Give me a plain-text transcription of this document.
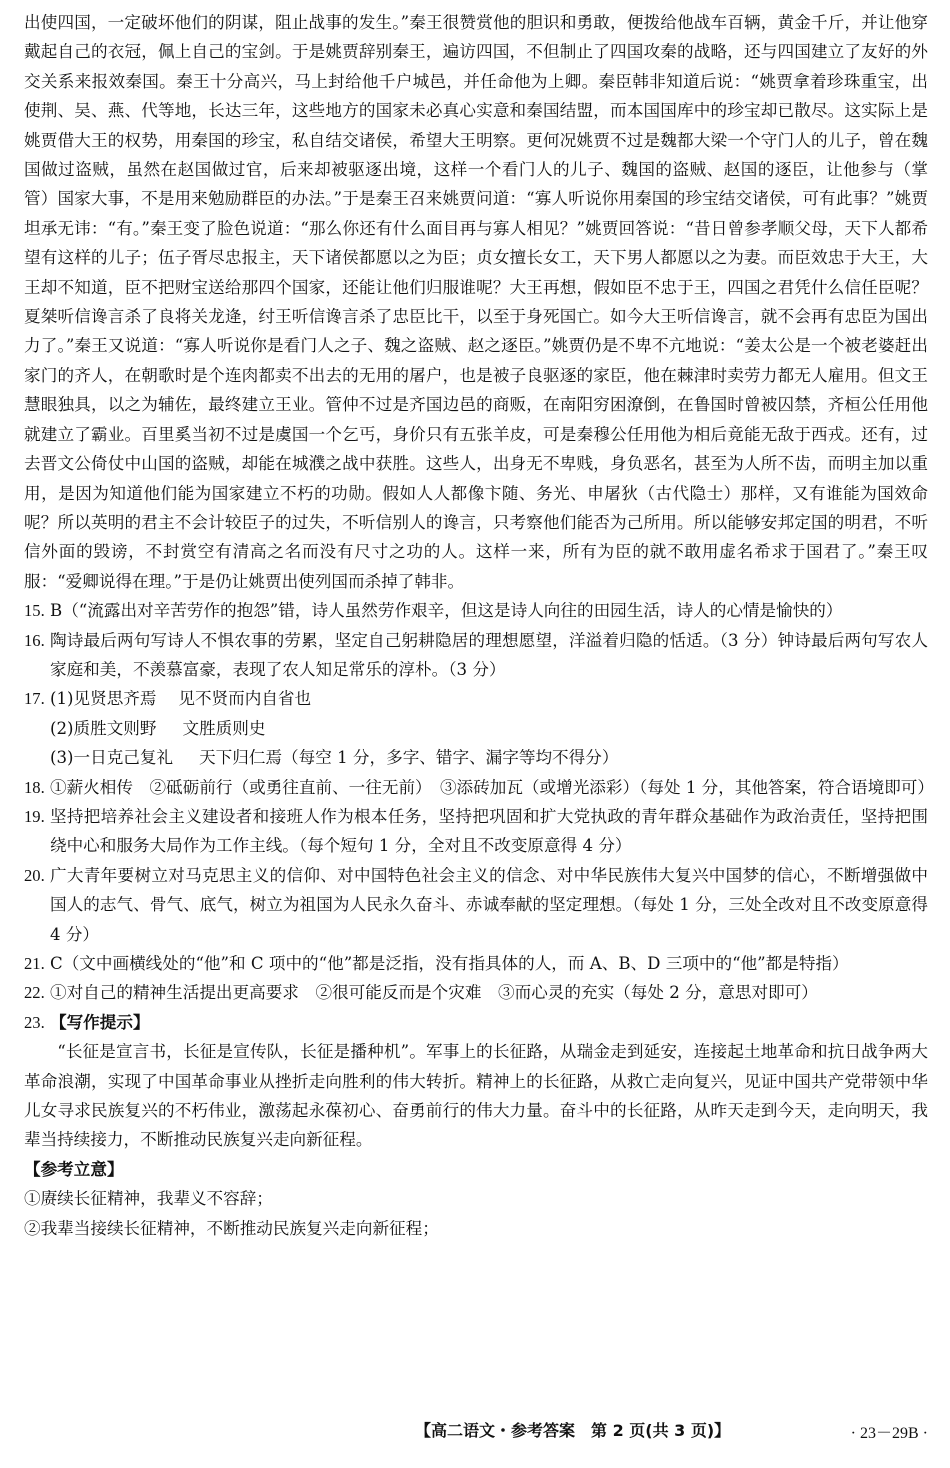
出使四国，一定破坏他们的阴谋，阻止战事的发生。”秦王很赞赏他的胆识和勇敢，便拨给他战车百辆，黄金千斤，并让他穿戴起自己的衣冠，佩上自己的宝剑。于是姚贾辞别秦王，遍访四国，不但制止了四国攻秦的战略，还与四国建立了友好的外交关系来报效秦国。秦王十分高兴，马上封给他千户城邑，并任命他为上卿。秦臣韩非知道后说：“姚贾拿着珍珠重宝，出使荆、吴、燕、代等地，长达三年，这些地方的国家未必真心实意和秦国结盟，而本国国库中的珍宝却已散尽。这实际上是姚贾借大王的权势，用秦国的珍宝，私自结交诸侯，希望大王明察。更何况姚贾不过是魏都大梁一个守门人的儿子，曾在魏国做过盗贼，虽然在赵国做过官，后来却被驱逐出境，这样一个看门人的儿子、魏国的盗贼、赵国的逐臣，让他参与（掌管）国家大事，不是用来勉励群臣的办法。”于是秦王召来姚贾问道：“寡人听说你用秦国的珍宝结交诸侯，可有此事？”姚贾坦承无讳：“有。”秦王变了脸色说道：“那么你还有什么面目再与寡人相见？”姚贾回答说：“昔日曾参孝顺父母，天下人都希望有这样的儿子；伍子胥尽忠报主，天下诸侯都愿以之为臣；贞女擅长女工，天下男人都愿以之为妻。而臣效忠于大王，大王却不知道，臣不把财宝送给那四个国家，还能让他们归服谁呢？大王再想，假如臣不忠于王，四国之君凭什么信任臣呢？夏桀听信谗言杀了良将关龙逄，纣王听信谗言杀了忠臣比干，以至于身死国亡。如今大王听信谗言，就不会再有忠臣为国出力了。”秦王又说道：“寡人听说你是看门人之子、魏之盗贼、赵之逐臣。”姚贾仍是不卑不亢地说：“姜太公是一个被老婆赶出家门的齐人，在朝歌时是个连肉都卖不出去的无用的屠户，也是被子良驱逐的家臣，他在棘津时卖劳力都无人雇用。但文王慧眼独具，以之为辅佐，最终建立王业。管仲不过是齐国边邑的商贩，在南阳穷困潦倒，在鲁国时曾被囚禁，齐桓公任用他就建立了霸业。百里奚当初不过是虞国一个乞丐，身价只有五张羊皮，可是秦穆公任用他为相后竟能无敌于西戎。还有，过去晋文公倚仗中山国的盗贼，却能在城濮之战中获胜。这些人，出身无不卑贱，身负恶名，甚至为人所不齿，而明主加以重用，是因为知道他们能为国家建立不朽的功勋。假如人人都像卞随、务光、申屠狄（古代隐士）那样，又有谁能为国效命呢？所以英明的君主不会计较臣子的过失，不听信别人的谗言，只考察他们能否为己所用。所以能够安邦定国的明君，不听信外面的毁谤，不封赏空有清高之名而没有尺寸之功的人。这样一来，所有为臣的就不敢用虚名希求于国君了。”秦王叹服：“爱卿说得在理。”于是仍让姚贾出使列国而杀掉了韩非。

15. B（“流露出对辛苦劳作的抱怨”错，诗人虽然劳作艰辛，但这是诗人向往的田园生活，诗人的心情是愉快的）
16. 陶诗最后两句写诗人不惧农事的劳累，坚定自己躬耕隐居的理想愿望，洋溢着归隐的恬适。（3 分）钟诗最后两句写农人家庭和美，不羡慕富豪，表现了农人知足常乐的淳朴。（3 分）
17. (1)见贤思齐焉　 见不贤而内自省也

(2)质胜文则野 文胜质则史

(3)一日克己复礼 天下归仁焉（每空 1 分，多字、错字、漏字等均不得分）

18. ①薪火相传　②砥砺前行（或勇往直前、一往无前）　③添砖加瓦（或增光添彩）（每处 1 分，其他答案，符合语境即可）
19. 坚持把培养社会主义建设者和接班人作为根本任务，坚持把巩固和扩大党执政的青年群众基础作为政治责任，坚持把围绕中心和服务大局作为工作主线。（每个短句 1 分，全对且不改变原意得 4 分）
20. 广大青年要树立对马克思主义的信仰、对中国特色社会主义的信念、对中华民族伟大复兴中国梦的信心，不断增强做中国人的志气、骨气、底气，树立为祖国为人民永久奋斗、赤诚奉献的坚定理想。（每处 1 分，三处全改对且不改变原意得 4 分）
21. C（文中画横线处的“他”和 C 项中的“他”都是泛指，没有指具体的人，而 A、B、D 三项中的“他”都是特指）
22. ①对自己的精神生活提出更高要求　②很可能反而是个灾难　③而心灵的充实（每处 2 分，意思对即可）
23. 【写作提示】

“长征是宣言书，长征是宣传队，长征是播种机”。军事上的长征路，从瑞金走到延安，连接起土地革命和抗日战争两大革命浪潮，实现了中国革命事业从挫折走向胜利的伟大转折。精神上的长征路，从救亡走向复兴，见证中国共产党带领中华儿女寻求民族复兴的不朽伟业，激荡起永葆初心、奋勇前行的伟大力量。奋斗中的长征路，从昨天走到今天，走向明天，我辈当持续接力，不断推动民族复兴走向新征程。

【参考立意】

①赓续长征精神，我辈义不容辞；

②我辈当接续长征精神，不断推动民族复兴走向新征程；

【高二语文・参考答案　第 2 页(共 3 页)】	· 23－29B ·
